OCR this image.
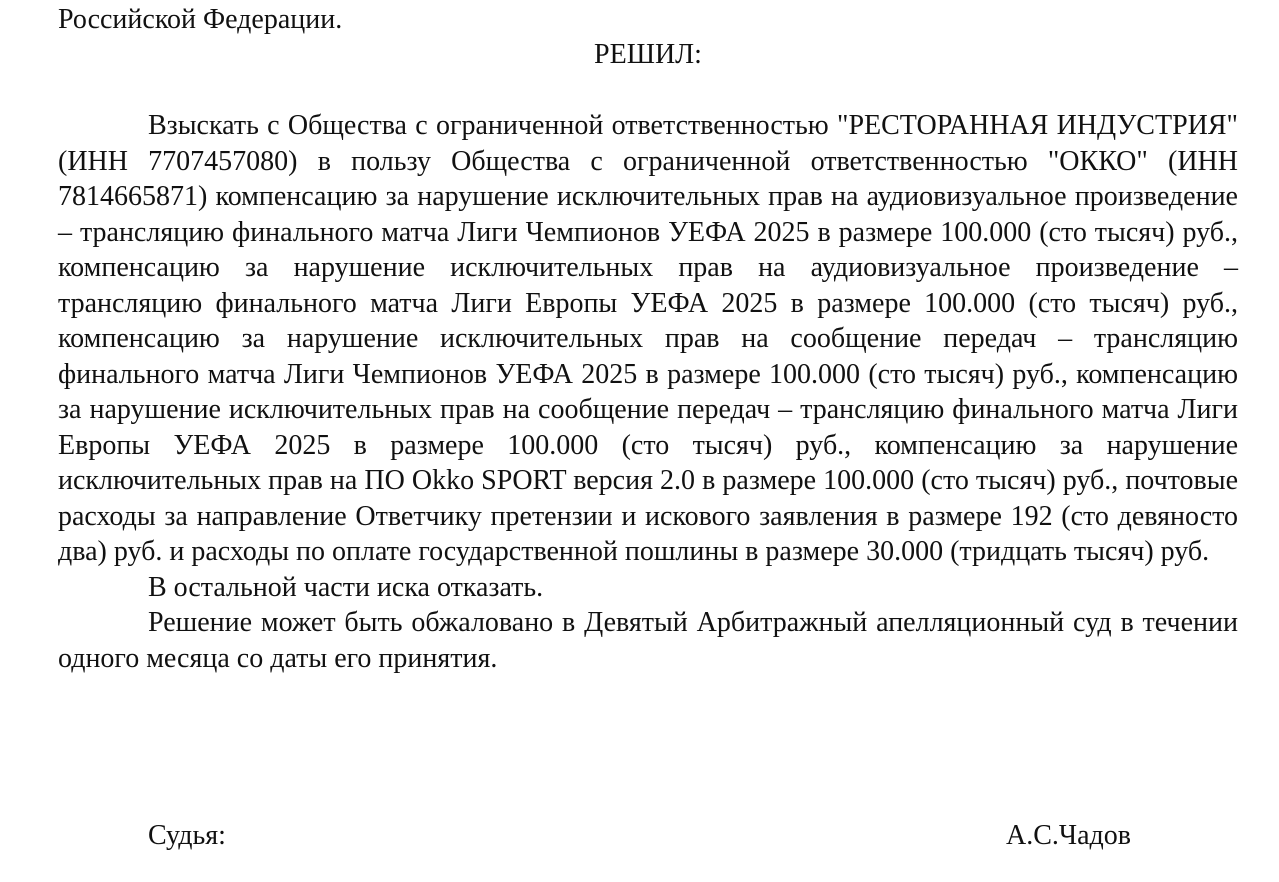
Российской Федерации.
РЕШИЛ:

Взыскать с Общества с ограниченной ответственностью "РЕСТОРАННАЯ ИНДУСТРИЯ" (ИНН 7707457080) в пользу Общества с ограниченной ответственностью "ОККО" (ИНН 7814665871) компенсацию за нарушение исключительных прав на аудиовизуальное произведение – трансляцию финального матча Лиги Чемпионов УЕФА 2025 в размере 100.000 (сто тысяч) руб., компенсацию за нарушение исключительных прав на аудиовизуальное произведение – трансляцию финального матча Лиги Европы УЕФА 2025 в размере 100.000 (сто тысяч) руб., компенсацию за нарушение исключительных прав на сообщение передач – трансляцию финального матча Лиги Чемпионов УЕФА 2025 в размере 100.000 (сто тысяч) руб., компенсацию за нарушение исключительных прав на сообщение передач – трансляцию финального матча Лиги Европы УЕФА 2025 в размере 100.000 (сто тысяч) руб., компенсацию за нарушение исключительных прав на ПО Okko SPORT версия 2.0 в размере 100.000 (сто тысяч) руб., почтовые расходы за направление Ответчику претензии и искового заявления в размере 192 (сто девяносто два) руб. и расходы по оплате государственной пошлины в размере 30.000 (тридцать тысяч) руб.

В остальной части иска отказать.

Решение может быть обжаловано в Девятый Арбитражный апелляционный суд в течении одного месяца со даты его принятия.

Судья:	А.С.Чадов
